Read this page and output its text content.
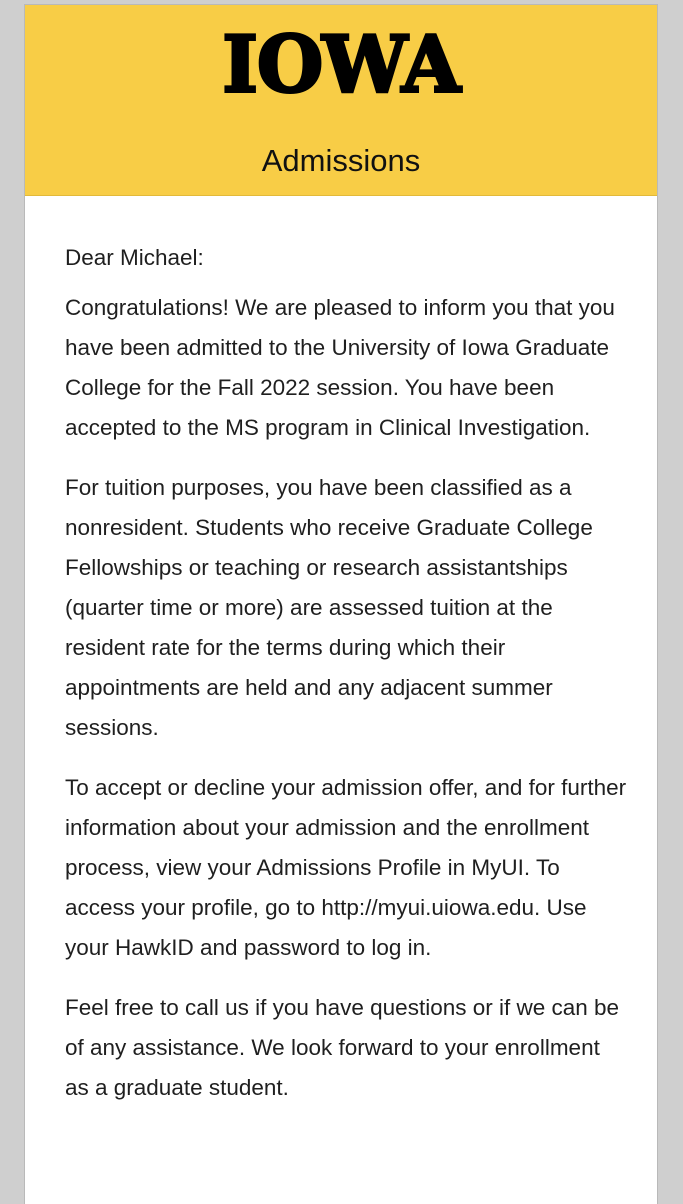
IOWA
Admissions

Dear Michael:

Congratulations! We are pleased to inform you that you have been admitted to the University of Iowa Graduate College for the Fall 2022 session. You have been accepted to the MS program in Clinical Investigation.

For tuition purposes, you have been classified as a nonresident. Students who receive Graduate College Fellowships or teaching or research assistantships (quarter time or more) are assessed tuition at the resident rate for the terms during which their appointments are held and any adjacent summer sessions.

To accept or decline your admission offer, and for further information about your admission and the enrollment process, view your Admissions Profile in MyUI. To access your profile, go to http://myui.uiowa.edu. Use your HawkID and password to log in.

Feel free to call us if you have questions or if we can be of any assistance. We look forward to your enrollment as a graduate student.
